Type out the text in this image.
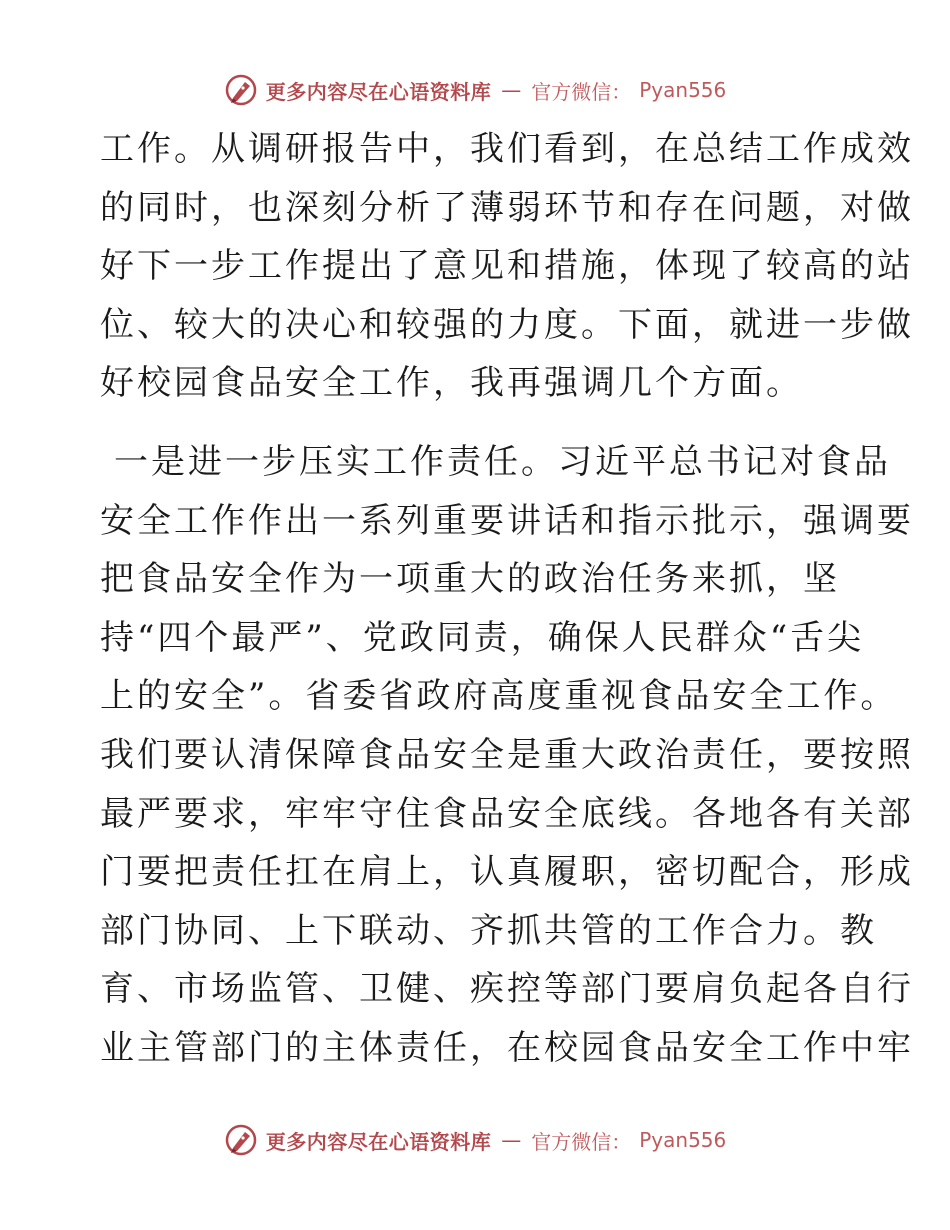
更多内容尽在心语资料库 — 官方微信： Pyan556
工作。从调研报告中，我们看到，在总结工作成效
的同时，也深刻分析了薄弱环节和存在问题，对做
好下一步工作提出了意见和措施，体现了较高的站
位、较大的决心和较强的力度。下面，就进一步做
好校园食品安全工作，我再强调几个方面。
一是进一步压实工作责任。习近平总书记对食品
安全工作作出一系列重要讲话和指示批示，强调要
把食品安全作为一项重大的政治任务来抓，坚
持“四个最严”、党政同责，确保人民群众“舌尖
上的安全”。省委省政府高度重视食品安全工作。
我们要认清保障食品安全是重大政治责任，要按照
最严要求，牢牢守住食品安全底线。各地各有关部
门要把责任扛在肩上，认真履职，密切配合，形成
部门协同、上下联动、齐抓共管的工作合力。教
育、市场监管、卫健、疾控等部门要肩负起各自行
业主管部门的主体责任，在校园食品安全工作中牢
更多内容尽在心语资料库 — 官方微信： Pyan556
